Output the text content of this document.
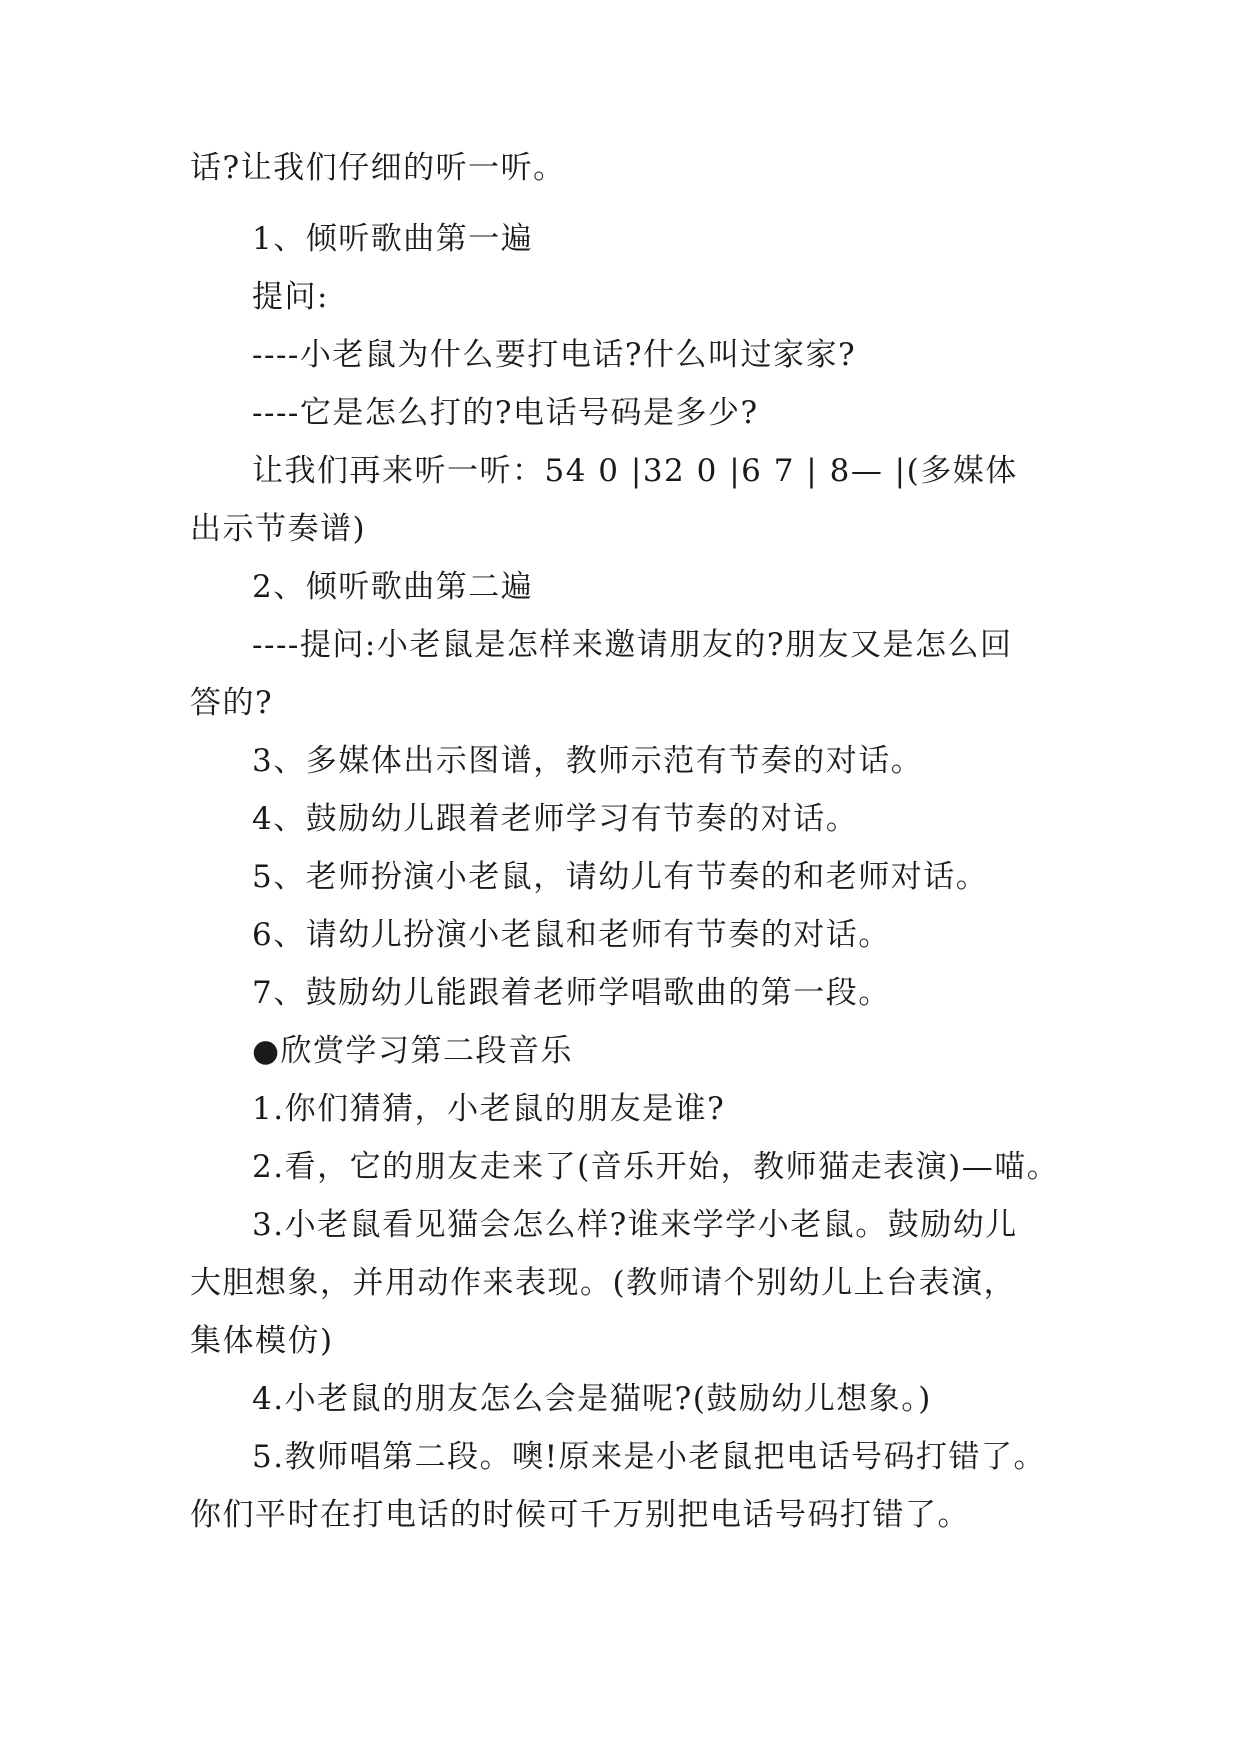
话?让我们仔细的听一听。
1、倾听歌曲第一遍
提问:
----小老鼠为什么要打电话?什么叫过家家?
----它是怎么打的?电话号码是多少?
让我们再来听一听：54 0 |32 0 |6 7 | 8— |(多媒体
出示节奏谱)
2、倾听歌曲第二遍
----提问:小老鼠是怎样来邀请朋友的?朋友又是怎么回
答的?
3、多媒体出示图谱，教师示范有节奏的对话。
4、鼓励幼儿跟着老师学习有节奏的对话。
5、老师扮演小老鼠，请幼儿有节奏的和老师对话。
6、请幼儿扮演小老鼠和老师有节奏的对话。
7、鼓励幼儿能跟着老师学唱歌曲的第一段。
●欣赏学习第二段音乐
1.你们猜猜，小老鼠的朋友是谁?
2.看，它的朋友走来了(音乐开始，教师猫走表演)—喵。
3.小老鼠看见猫会怎么样?谁来学学小老鼠。鼓励幼儿
大胆想象，并用动作来表现。(教师请个别幼儿上台表演，
集体模仿)
4.小老鼠的朋友怎么会是猫呢?(鼓励幼儿想象。)
5.教师唱第二段。噢!原来是小老鼠把电话号码打错了。
你们平时在打电话的时候可千万别把电话号码打错了。
